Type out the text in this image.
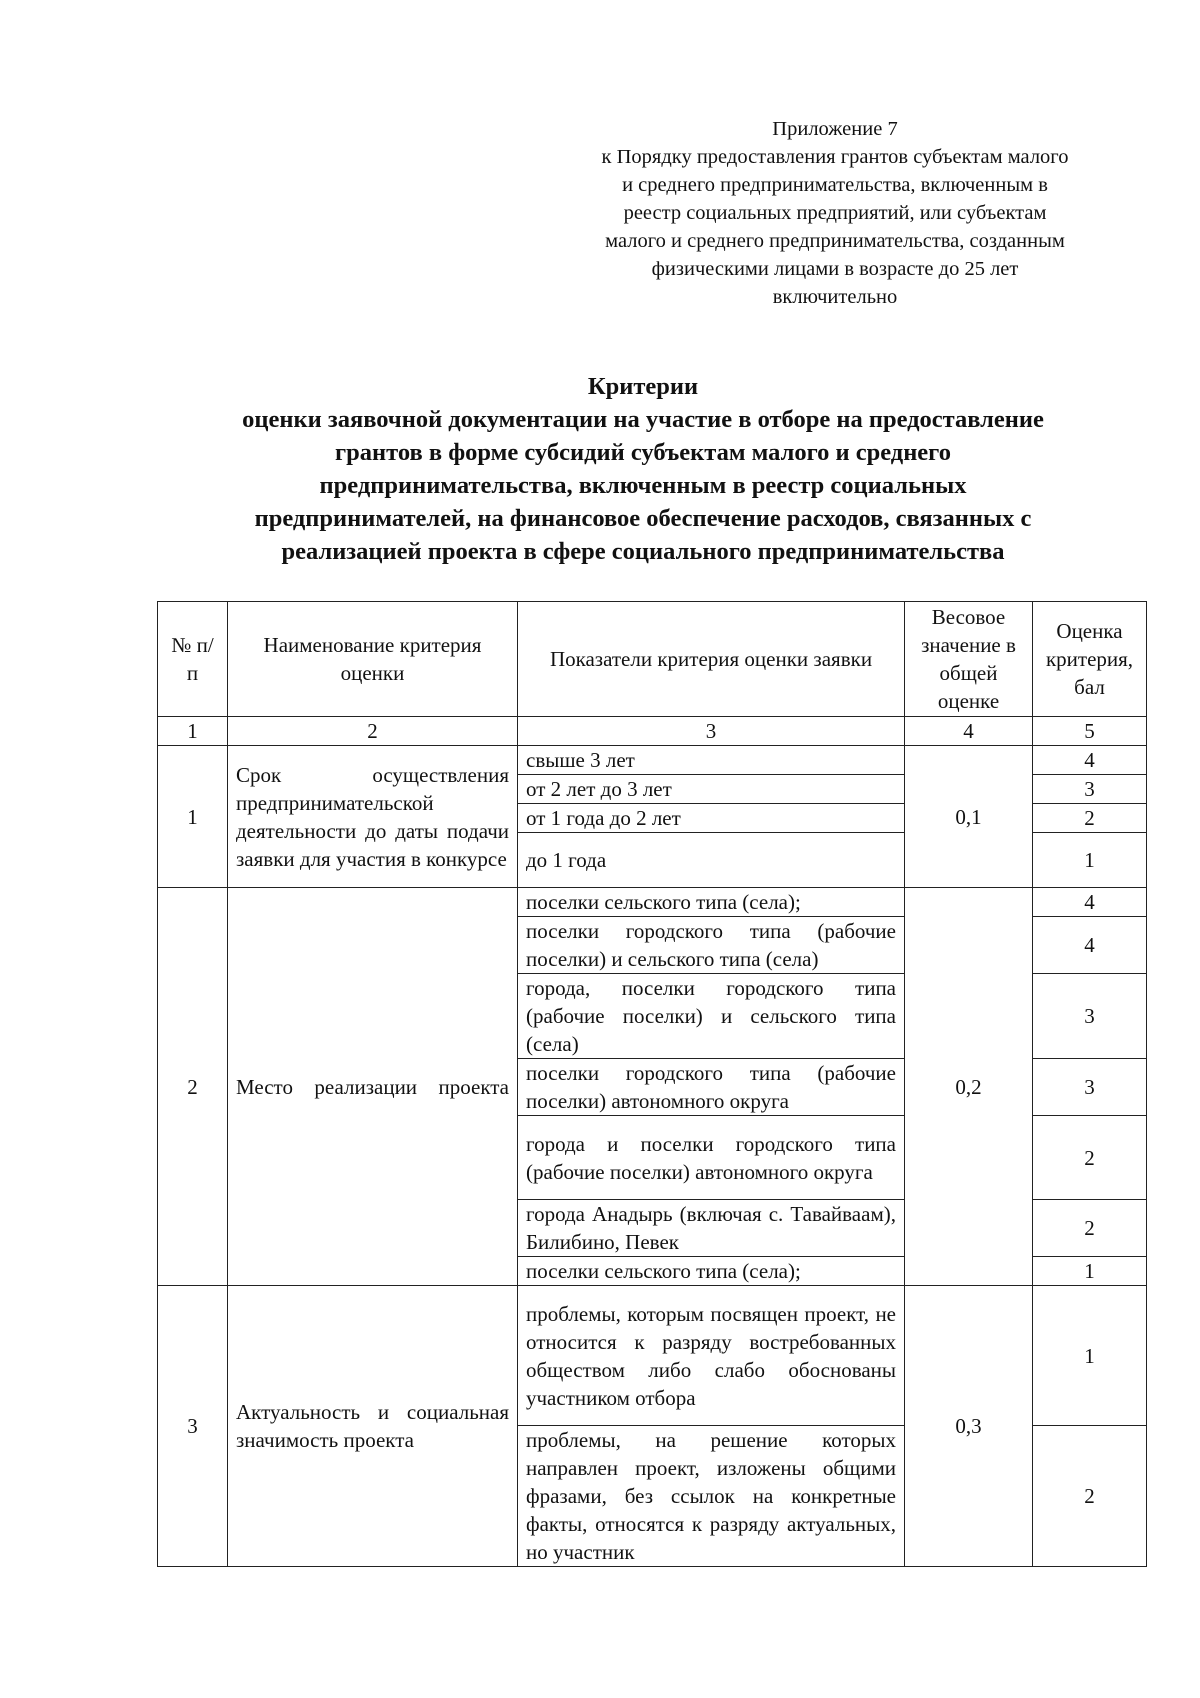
Приложение 7
к Порядку предоставления грантов субъектам малого
и среднего предпринимательства, включенным в
реестр социальных предприятий, или субъектам
малого и среднего предпринимательства, созданным
физическими лицами в возрасте до 25 лет
включительно
Критерии
оценки заявочной документации на участие в отборе на предоставление
грантов в форме субсидий субъектам малого и среднего
предпринимательства, включенным в реестр социальных
предпринимателей, на финансовое обеспечение расходов, связанных с
реализацией проекта в сфере социального предпринимательства
№ п/п	Наименование критерия оценки	Показатели критерия оценки заявки	Весовое значение в общей оценке	Оценка критерия, бал
1	2	3	4	5
1	Срок осуществления предпринимательской деятельности до даты подачи заявки для участия в конкурсе	свыше 3 лет	0,1	4
		от 2 лет до 3 лет		3
		от 1 года до 2 лет		2
		до 1 года		1
2	Место реализации проекта	поселки сельского типа (села);	0,2	4
		поселки городского типа (рабочие поселки) и сельского типа (села)		4
		города, поселки городского типа (рабочие поселки) и сельского типа (села)		3
		поселки городского типа (рабочие поселки) автономного округа		3
		города и поселки городского типа (рабочие поселки) автономного округа		2
		города Анадырь (включая с. Тавайваам), Билибино, Певек		2
		поселки сельского типа (села);		1
3	Актуальность и социальная значимость проекта	проблемы, которым посвящен проект, не относится к разряду востребованных обществом либо слабо обоснованы участником отбора	0,3	1
		проблемы, на решение которых направлен проект, изложены общими фразами, без ссылок на конкретные факты, относятся к разряду актуальных, но участник		2
